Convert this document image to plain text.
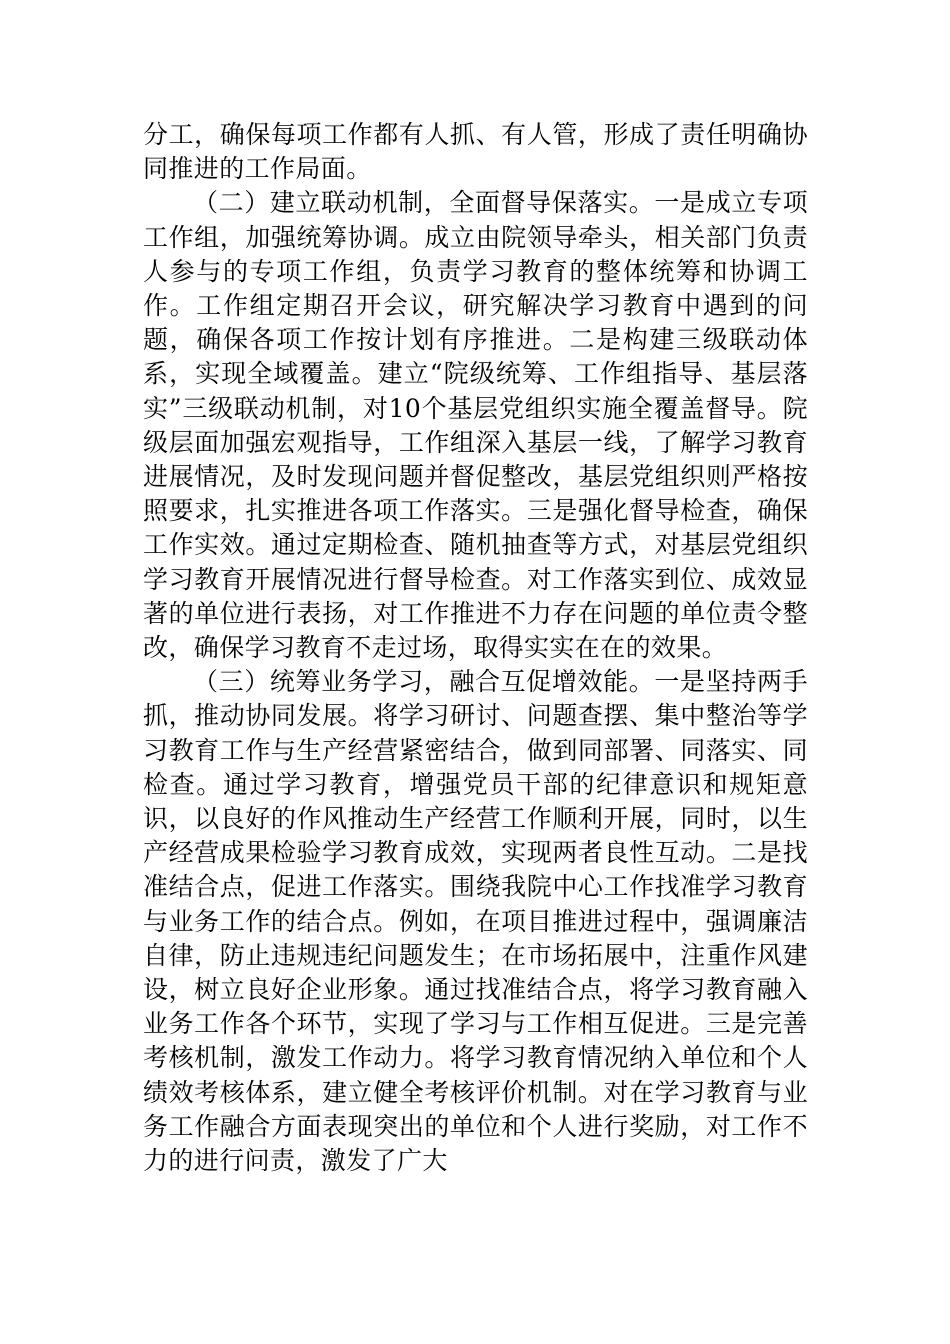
分工，确保每项工作都有人抓、有人管，形成了责任明确协同推进的工作局面。

（二）建立联动机制，全面督导保落实。一是成立专项工作组，加强统筹协调。成立由院领导牵头，相关部门负责人参与的专项工作组，负责学习教育的整体统筹和协调工作。工作组定期召开会议，研究解决学习教育中遇到的问题，确保各项工作按计划有序推进。二是构建三级联动体系，实现全域覆盖。建立“院级统筹、工作组指导、基层落实”三级联动机制，对10个基层党组织实施全覆盖督导。院级层面加强宏观指导，工作组深入基层一线，了解学习教育进展情况，及时发现问题并督促整改，基层党组织则严格按照要求，扎实推进各项工作落实。三是强化督导检查，确保工作实效。通过定期检查、随机抽查等方式，对基层党组织学习教育开展情况进行督导检查。对工作落实到位、成效显著的单位进行表扬，对工作推进不力存在问题的单位责令整改，确保学习教育不走过场，取得实实在在的效果。

（三）统筹业务学习，融合互促增效能。一是坚持两手抓，推动协同发展。将学习研讨、问题查摆、集中整治等学习教育工作与生产经营紧密结合，做到同部署、同落实、同检查。通过学习教育，增强党员干部的纪律意识和规矩意识，以良好的作风推动生产经营工作顺利开展，同时，以生产经营成果检验学习教育成效，实现两者良性互动。二是找准结合点，促进工作落实。围绕我院中心工作找准学习教育与业务工作的结合点。例如，在项目推进过程中，强调廉洁自律，防止违规违纪问题发生；在市场拓展中，注重作风建设，树立良好企业形象。通过找准结合点，将学习教育融入业务工作各个环节，实现了学习与工作相互促进。三是完善考核机制，激发工作动力。将学习教育情况纳入单位和个人绩效考核体系，建立健全考核评价机制。对在学习教育与业务工作融合方面表现突出的单位和个人进行奖励，对工作不力的进行问责，激发了广大
